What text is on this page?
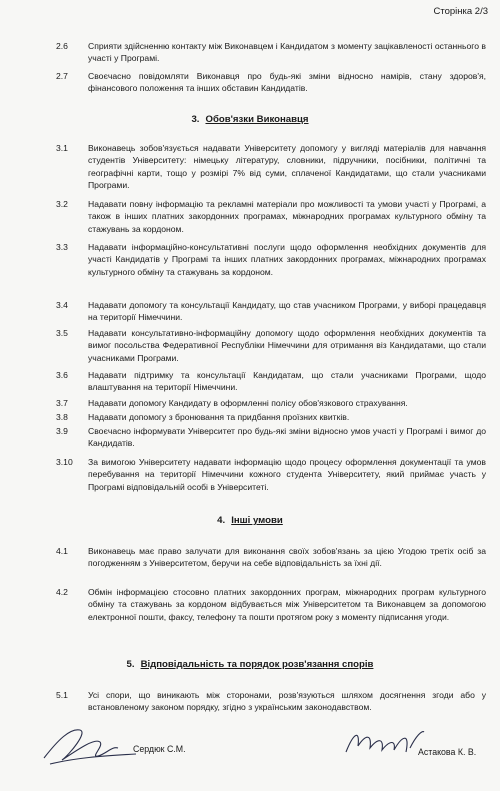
Сторінка 2/3
2.6 Сприяти здійсненню контакту між Виконавцем і Кандидатом з моменту зацікавленості останнього в участі у Програмі.
2.7 Своєчасно повідомляти Виконавця про будь-які зміни відносно намірів, стану здоров'я, фінансового положення та інших обставин Кандидатів.
3. Обов'язки Виконавця
3.1 Виконавець зобов'язується надавати Університету допомогу у вигляді матеріалів для навчання студентів Університету: німецьку літературу, словники, підручники, посібники, політичні та географічні карти, тощо у розмірі 7% від суми, сплаченої Кандидатами, що стали учасниками Програми.
3.2 Надавати повну інформацію та рекламні матеріали про можливості та умови участі у Програмі, а також в інших платних закордонних програмах, міжнародних програмах культурного обміну та стажувань за кордоном.
3.3 Надавати інформаційно-консультативні послуги щодо оформлення необхідних документів для участі Кандидатів у Програмі та інших платних закордонних програмах, міжнародних програмах культурного обміну та стажувань за кордоном.
3.4 Надавати допомогу та консультації Кандидату, що став учасником Програми, у виборі працедавця на території Німеччини.
3.5 Надавати консультативно-інформаційну допомогу щодо оформлення необхідних документів та вимог посольства Федеративної Республіки Німеччини для отримання віз Кандидатами, що стали учасниками Програми.
3.6 Надавати підтримку та консультації Кандидатам, що стали учасниками Програми, щодо влаштування на території Німеччини.
3.7 Надавати допомогу Кандидату в оформленні полісу обов'язкового страхування.
3.8 Надавати допомогу з бронювання та придбання проїзних квитків.
3.9 Своєчасно інформувати Університет про будь-які зміни відносно умов участі у Програмі і вимог до Кандидатів.
3.10 За вимогою Університету надавати інформацію щодо процесу оформлення документації та умов перебування на території Німеччини кожного студента Університету, який приймає участь у Програмі відповідальній особі в Університеті.
4. Інші умови
4.1 Виконавець має право залучати для виконання своїх зобов'язань за цією Угодою третіх осіб за погодженням з Університетом, беручи на себе відповідальність за їхні дії.
4.2 Обмін інформацією стосовно платних закордонних програм, міжнародних програм культурного обміну та стажувань за кордоном відбувається між Університетом та Виконавцем за допомогою електронної пошти, факсу, телефону та пошти протягом року з моменту підписання угоди.
5. Відповідальність та порядок розв'язання спорів
5.1 Усі спори, що виникають між сторонами, розв'язуються шляхом досягнення згоди або у встановленому законом порядку, згідно з українським законодавством.
Сердюк С.М.	Астакова К. В.
